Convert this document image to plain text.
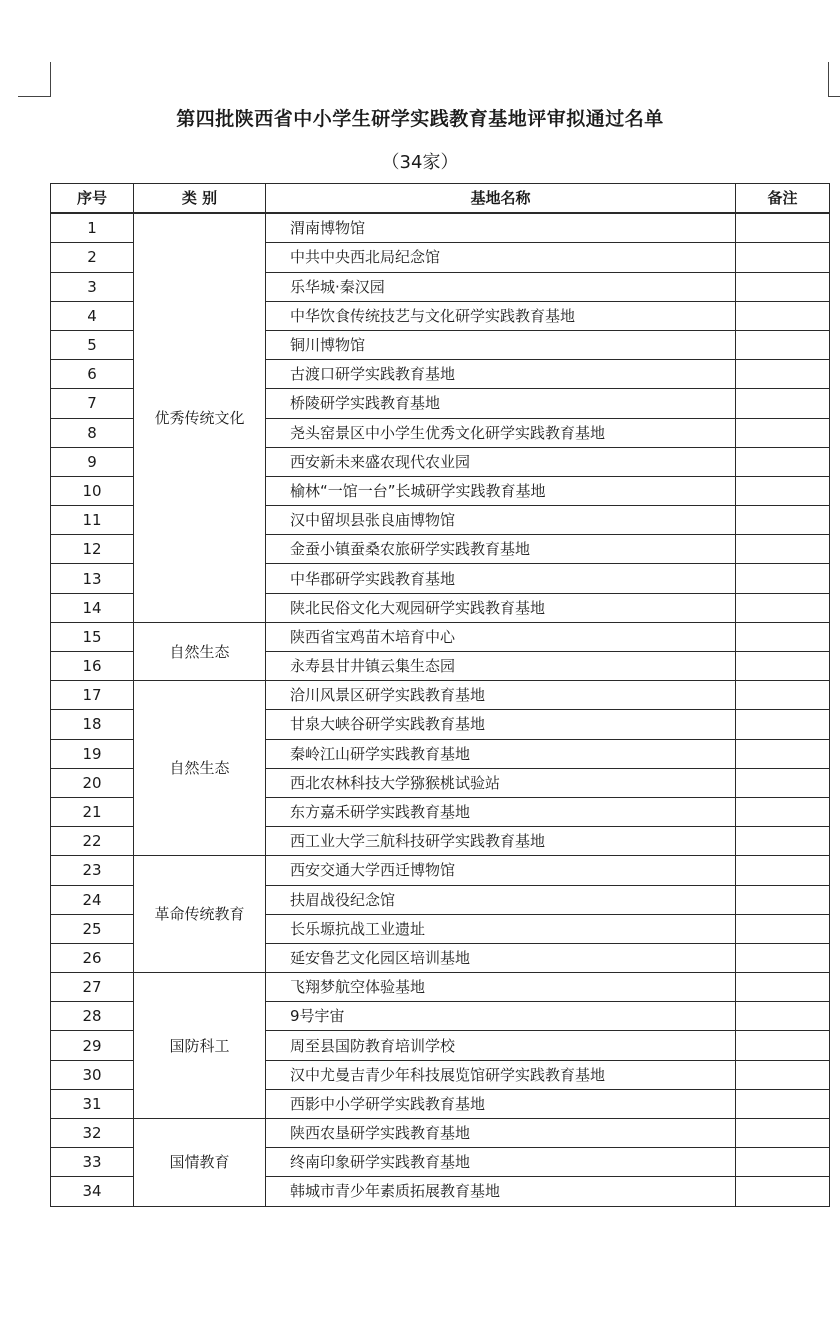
第四批陕西省中小学生研学实践教育基地评审拟通过名单
（34家）
序号	类 别	基地名称	备注
1	优秀传统文化	渭南博物馆	
2		中共中央西北局纪念馆	
3		乐华城·秦汉园	
4		中华饮食传统技艺与文化研学实践教育基地	
5		铜川博物馆	
6		古渡口研学实践教育基地	
7		桥陵研学实践教育基地	
8		尧头窑景区中小学生优秀文化研学实践教育基地	
9		西安新未来盛农现代农业园	
10		榆林“一馆一台”长城研学实践教育基地	
11		汉中留坝县张良庙博物馆	
12		金蚕小镇蚕桑农旅研学实践教育基地	
13		中华郡研学实践教育基地	
14		陕北民俗文化大观园研学实践教育基地	
15	自然生态	陕西省宝鸡苗木培育中心	
16		永寿县甘井镇云集生态园	
17	自然生态	洽川风景区研学实践教育基地	
18		甘泉大峡谷研学实践教育基地	
19		秦岭江山研学实践教育基地	
20		西北农林科技大学猕猴桃试验站	
21		东方嘉禾研学实践教育基地	
22		西工业大学三航科技研学实践教育基地	
23	革命传统教育	西安交通大学西迁博物馆	
24		扶眉战役纪念馆	
25		长乐塬抗战工业遗址	
26		延安鲁艺文化园区培训基地	
27	国防科工	飞翔梦航空体验基地	
28		9号宇宙	
29		周至县国防教育培训学校	
30		汉中尤曼吉青少年科技展览馆研学实践教育基地	
31		西影中小学研学实践教育基地	
32	国情教育	陕西农垦研学实践教育基地	
33		终南印象研学实践教育基地	
34		韩城市青少年素质拓展教育基地	
